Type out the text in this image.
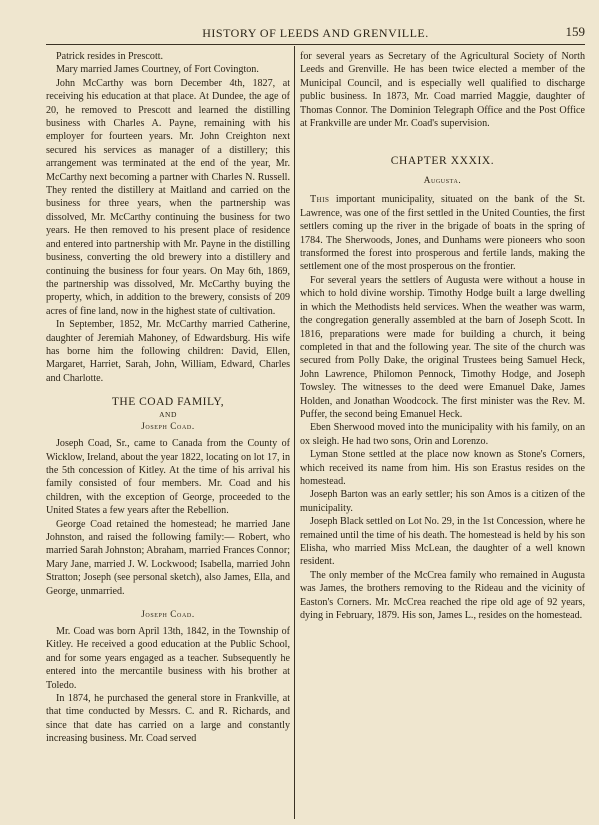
HISTORY OF LEEDS AND GRENVILLE.	159

Patrick resides in Prescott.

Mary married James Courtney, of Fort Covington.

John McCarthy was born December 4th, 1827, at receiving his education at that place. At Dundee, the age of 20, he removed to Prescott and learned the distilling business with Charles A. Payne, remaining with his employer for fourteen years. Mr. John Creighton next secured his services as manager of a distillery; this arrangement was terminated at the end of the year, Mr. McCarthy next becoming a partner with Charles N. Russell. They rented the distillery at Maitland and carried on the business for three years, when the partnership was dissolved, Mr. McCarthy continuing the business for two years. He then removed to his present place of residence and entered into partnership with Mr. Payne in the distilling business, converting the old brewery into a distillery and continuing the business for four years. On May 6th, 1869, the partnership was dissolved, Mr. McCarthy buying the property, which, in addition to the brewery, consists of 209 acres of fine land, now in the highest state of cultivation.

In September, 1852, Mr. McCarthy married Catherine, daughter of Jeremiah Mahoney, of Edwardsburg. His wife has borne him the following children: David, Ellen, Margaret, Harriet, Sarah, John, William, Edward, Charles and Charlotte.

THE COAD FAMILY,

AND

Joseph Coad.

Joseph Coad, Sr., came to Canada from the County of Wicklow, Ireland, about the year 1822, locating on lot 17, in the 5th concession of Kitley. At the time of his arrival his family consisted of four members. Mr. Coad and his children, with the exception of George, proceeded to the United States a few years after the Rebellion.

George Coad retained the homestead; he married Jane Johnston, and raised the following family:— Robert, who married Sarah Johnston; Abraham, married Frances Connor; Mary Jane, married J. W. Lockwood; Isabella, married John Stratton; Joseph (see personal sketch), also James, Ella, and George, unmarried.

Joseph Coad.

Mr. Coad was born April 13th, 1842, in the Township of Kitley. He received a good education at the Public School, and for some years engaged as a teacher. Subsequently he entered into the mercantile business with his brother at Toledo.

In 1874, he purchased the general store in Frankville, at that time conducted by Messrs. C. and R. Richards, and since that date has carried on a large and constantly increasing business. Mr. Coad served

for several years as Secretary of the Agricultural Society of North Leeds and Grenville. He has been twice elected a member of the Municipal Council, and is especially well qualified to discharge public business. In 1873, Mr. Coad married Maggie, daughter of Thomas Connor. The Dominion Telegraph Office and the Post Office at Frankville are under Mr. Coad's supervision.

CHAPTER XXXIX.

Augusta.

This important municipality, situated on the bank of the St. Lawrence, was one of the first settled in the United Counties, the first settlers coming up the river in the brigade of boats in the spring of 1784. The Sherwoods, Jones, and Dunhams were pioneers who soon transformed the forest into prosperous and fertile lands, making the settlement one of the most prosperous on the frontier.

For several years the settlers of Augusta were without a house in which to hold divine worship. Timothy Hodge built a large dwelling in which the Methodists held services. When the weather was warm, the congregation generally assembled at the barn of Joseph Scott. In 1816, preparations were made for building a church, it being completed in that and the following year. The site of the church was secured from Polly Dake, the original Trustees being Samuel Heck, John Lawrence, Philomon Pennock, Timothy Hodge, and Joseph Towsley. The witnesses to the deed were Emanuel Dake, James Holden, and Jonathan Woodcock. The first minister was the Rev. M. Puffer, the second being Emanuel Heck.

Eben Sherwood moved into the municipality with his family, on an ox sleigh. He had two sons, Orin and Lorenzo.

Lyman Stone settled at the place now known as Stone's Corners, which received its name from him. His son Erastus resides on the homestead.

Joseph Barton was an early settler; his son Amos is a citizen of the municipality.

Joseph Black settled on Lot No. 29, in the 1st Concession, where he remained until the time of his death. The homestead is held by his son Elisha, who married Miss McLean, the daughter of a well known resident.

The only member of the McCrea family who remained in Augusta was James, the brothers removing to the Rideau and the vicinity of Easton's Corners. Mr. McCrea reached the ripe old age of 92 years, dying in February, 1879. His son, James L., resides on the homestead.
